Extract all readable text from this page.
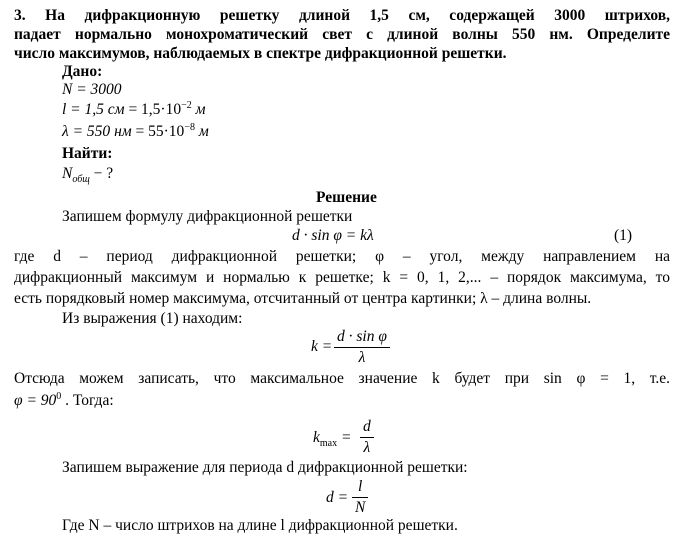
3. На дифракционную решетку длиной 1,5 см, содержащей 3000 штрихов,
падает нормально монохроматический свет с длиной волны 550 нм. Определите
число максимумов, наблюдаемых в спектре дифракционной решетки.
Дано:
N = 3000
l = 1,5 см = $1,5\cdot 10^{-2}$ м
λ = 550 нм = $55\cdot 10^{-8}$ м
Найти:
$N_{общ}$ − ?
Решение
Запишем формулу дифракционной решетки
d · sin φ = kλ	(1)
где d – период дифракционной решетки; φ – угол, между направлением на
дифракционный максимум и нормалью к решетке; k = 0, 1, 2,... – порядок максимума, то
есть порядковый номер максимума, отсчитанный от центра картинки; λ – длина волны.
Из выражения (1) находим:
k =
d · sin φ
λ
Отсюда можем записать, что максимальное значение k будет при sin φ = 1, т.е.
$\varphi = 90^0$ . Тогда:
$k_{max}$ =
d
λ
Запишем выражение для периода d дифракционной решетки:
d =
l
N
Где N – число штрихов на длине l дифракционной решетки.
